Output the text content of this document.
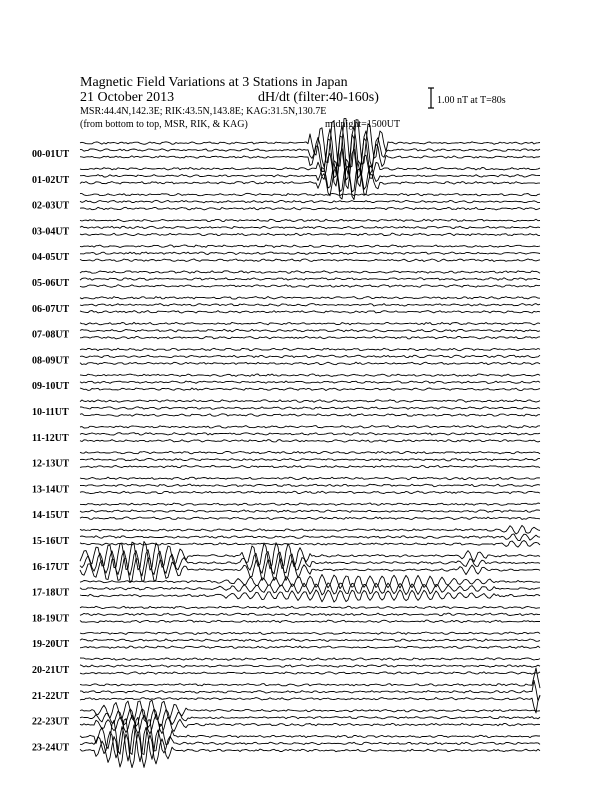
Magnetic Field Variations at 3 Stations in Japan
21 October 2013	dH/dt (filter:40-160s)
MSR:44.4N,142.3E; RIK:43.5N,143.8E; KAG:31.5N,130.7E
(from bottom to top, MSR, RIK, & KAG)	midnight=1500UT
1.00 nT at T=80s
00-01UT
01-02UT
02-03UT
03-04UT
04-05UT
05-06UT
06-07UT
07-08UT
08-09UT
09-10UT
10-11UT
11-12UT
12-13UT
13-14UT
14-15UT
15-16UT
16-17UT
17-18UT
18-19UT
19-20UT
20-21UT
21-22UT
22-23UT
23-24UT
